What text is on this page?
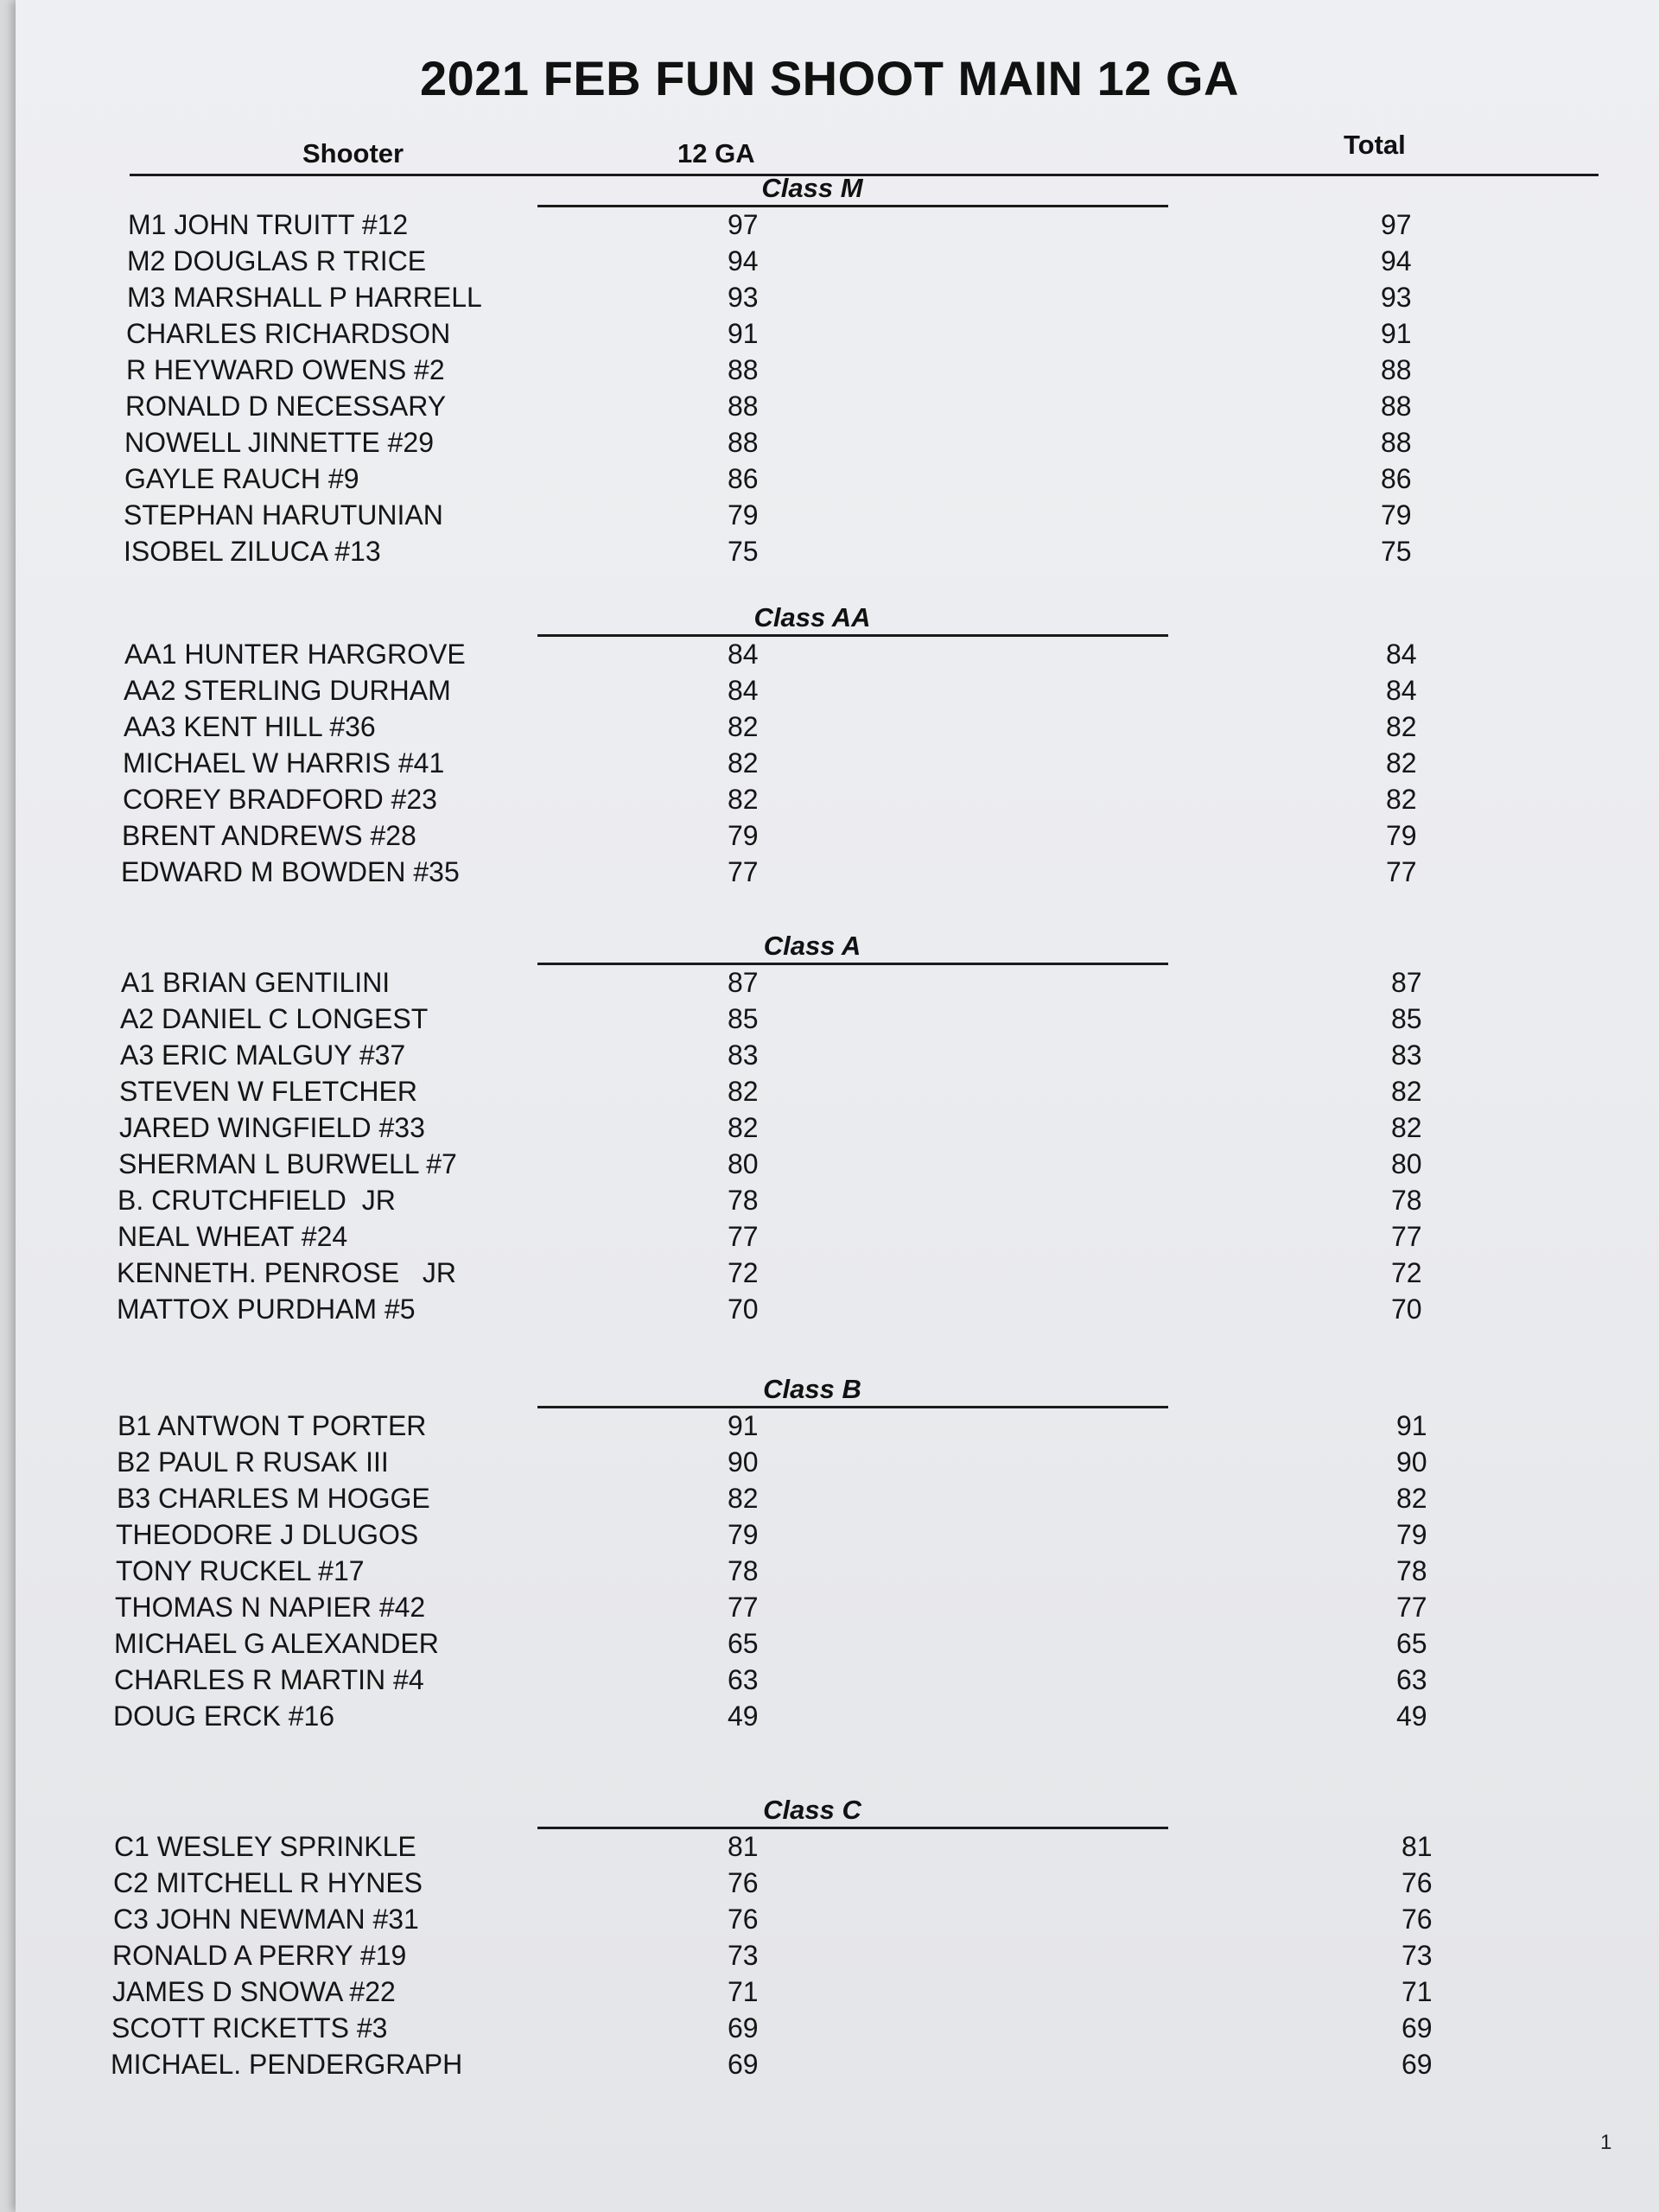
2021 FEB FUN SHOOT MAIN 12 GA
Shooter	12 GA	Total
Class M
M1 JOHN TRUITT #12	97	97
M2 DOUGLAS R TRICE	94	94
M3 MARSHALL P HARRELL	93	93
CHARLES RICHARDSON	91	91
R HEYWARD OWENS #2	88	88
RONALD D NECESSARY	88	88
NOWELL JINNETTE #29	88	88
GAYLE RAUCH #9	86	86
STEPHAN HARUTUNIAN	79	79
ISOBEL ZILUCA #13	75	75
Class AA
AA1 HUNTER HARGROVE	84	84
AA2 STERLING DURHAM	84	84
AA3 KENT HILL #36	82	82
MICHAEL W HARRIS #41	82	82
COREY BRADFORD #23	82	82
BRENT ANDREWS #28	79	79
EDWARD M BOWDEN #35	77	77
Class A
A1 BRIAN GENTILINI	87	87
A2 DANIEL C LONGEST	85	85
A3 ERIC MALGUY #37	83	83
STEVEN W FLETCHER	82	82
JARED WINGFIELD #33	82	82
SHERMAN L BURWELL #7	80	80
B. CRUTCHFIELD  JR	78	78
NEAL WHEAT #24	77	77
KENNETH. PENROSE   JR	72	72
MATTOX PURDHAM #5	70	70
Class B
B1 ANTWON T PORTER	91	91
B2 PAUL R RUSAK III	90	90
B3 CHARLES M HOGGE	82	82
THEODORE J DLUGOS	79	79
TONY RUCKEL #17	78	78
THOMAS N NAPIER #42	77	77
MICHAEL G ALEXANDER	65	65
CHARLES R MARTIN #4	63	63
DOUG ERCK #16	49	49
Class C
C1 WESLEY SPRINKLE	81	81
C2 MITCHELL R HYNES	76	76
C3 JOHN NEWMAN #31	76	76
RONALD A PERRY #19	73	73
JAMES D SNOWA #22	71	71
SCOTT RICKETTS #3	69	69
MICHAEL. PENDERGRAPH	69	69
1
